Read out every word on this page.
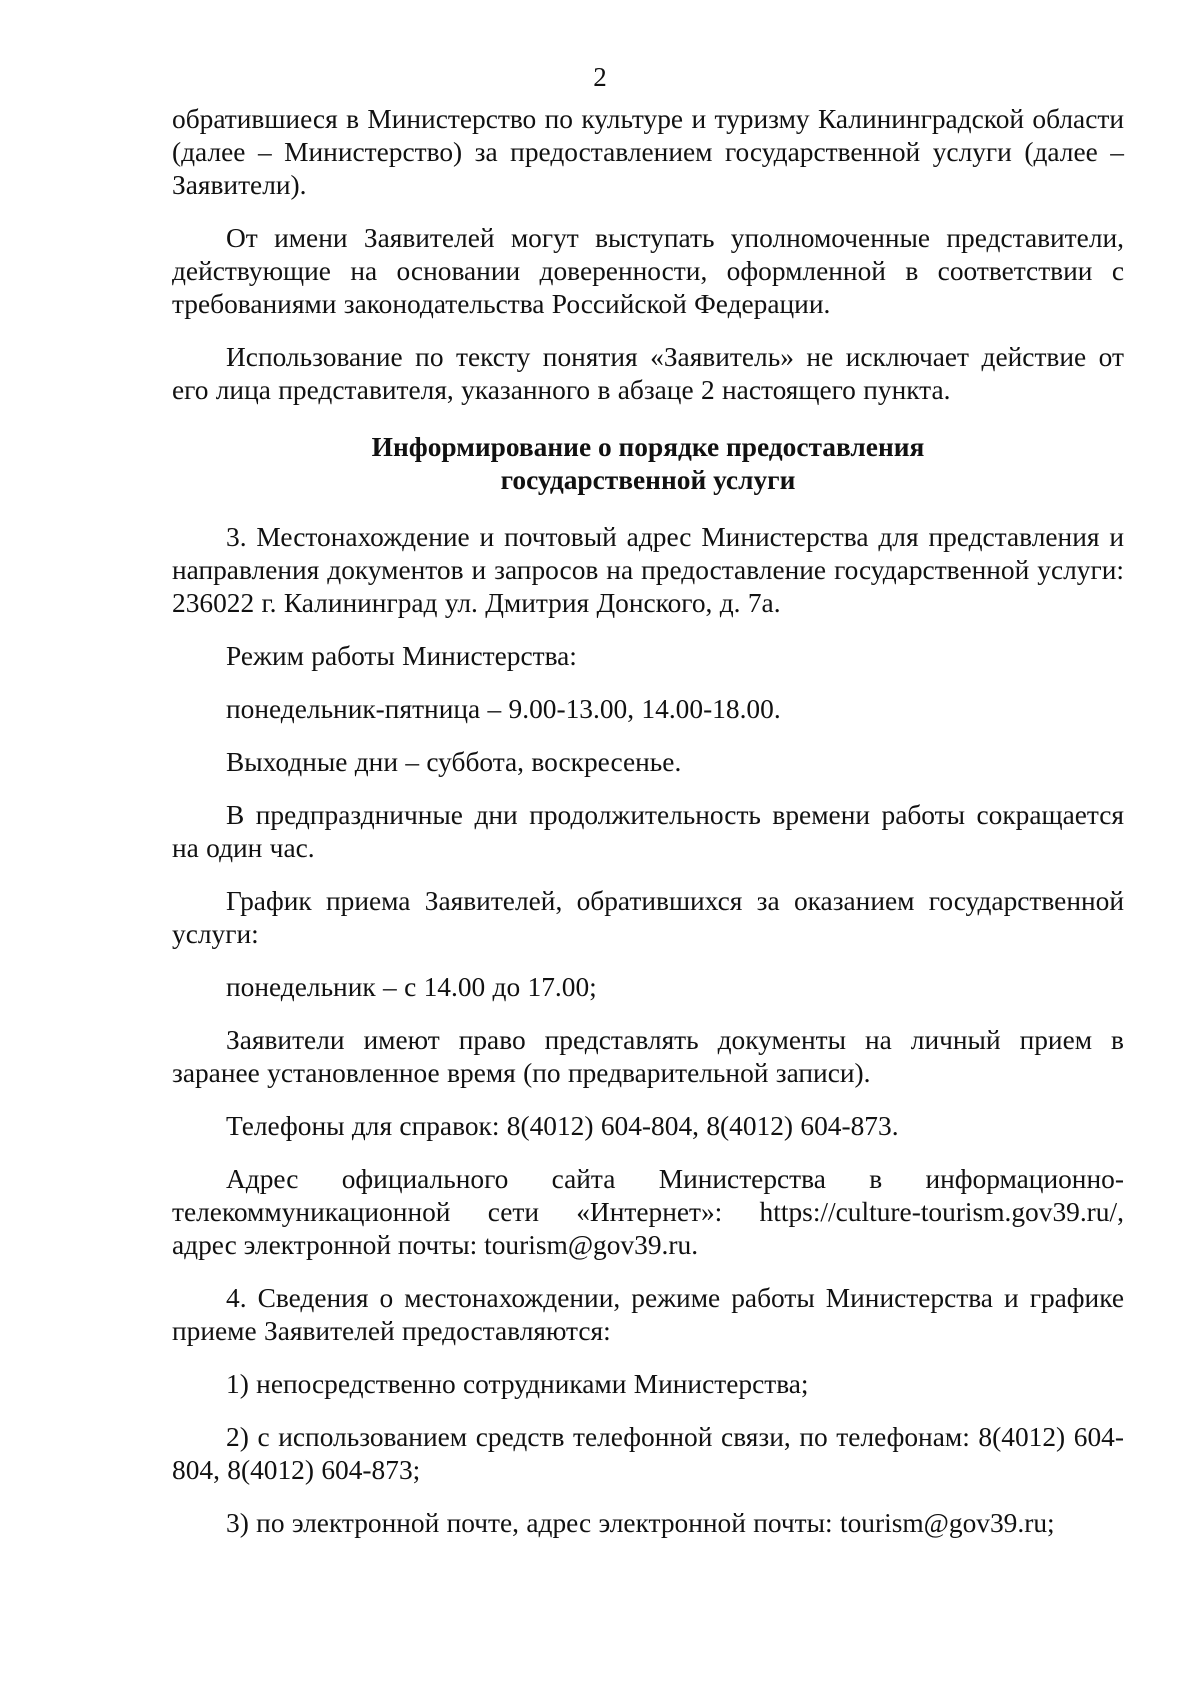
2

обратившиеся в Министерство по культуре и туризму Калининградской области (далее – Министерство) за предоставлением государственной услуги (далее – Заявители).

От имени Заявителей могут выступать уполномоченные представители, действующие на основании доверенности, оформленной в соответствии с требованиями законодательства Российской Федерации.

Использование по тексту понятия «Заявитель» не исключает действие от его лица представителя, указанного в абзаце 2 настоящего пункта.

Информирование о порядке предоставления
государственной услуги

3. Местонахождение и почтовый адрес Министерства для представления и направления документов и запросов на предоставление государственной услуги: 236022 г. Калининград ул. Дмитрия Донского, д. 7а.

Режим работы Министерства:

понедельник-пятница – 9.00-13.00, 14.00-18.00.

Выходные дни – суббота, воскресенье.

В предпраздничные дни продолжительность времени работы сокращается на один час.

График приема Заявителей, обратившихся за оказанием государственной услуги:

понедельник – с 14.00 до 17.00;

Заявители имеют право представлять документы на личный прием в заранее установленное время (по предварительной записи).

Телефоны для справок: 8(4012) 604-804, 8(4012) 604-873.

Адрес официального сайта Министерства в информационно-
телекоммуникационной сети «Интернет»: https://culture-tourism.gov39.ru/,
адрес электронной почты: tourism@gov39.ru.

4. Сведения о местонахождении, режиме работы Министерства и графике приеме Заявителей предоставляются:

1) непосредственно сотрудниками Министерства;

2) с использованием средств телефонной связи, по телефонам: 8(4012) 604-804, 8(4012) 604-873;

3) по электронной почте, адрес электронной почты: tourism@gov39.ru;
